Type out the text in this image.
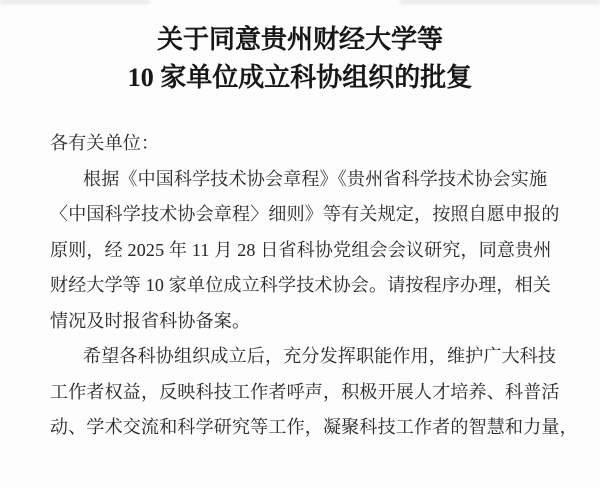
关于同意贵州财经大学等
10 家单位成立科协组织的批复
各有关单位：
根据《中国科学技术协会章程》《贵州省科学技术协会实施
〈中国科学技术协会章程〉细则》等有关规定，按照自愿申报的
原则，经 2025 年 11 月 28 日省科协党组会会议研究，同意贵州
财经大学等 10 家单位成立科学技术协会。请按程序办理，相关
情况及时报省科协备案。
希望各科协组织成立后，充分发挥职能作用，维护广大科技
工作者权益，反映科技工作者呼声，积极开展人才培养、科普活
动、学术交流和科学研究等工作，凝聚科技工作者的智慧和力量，
